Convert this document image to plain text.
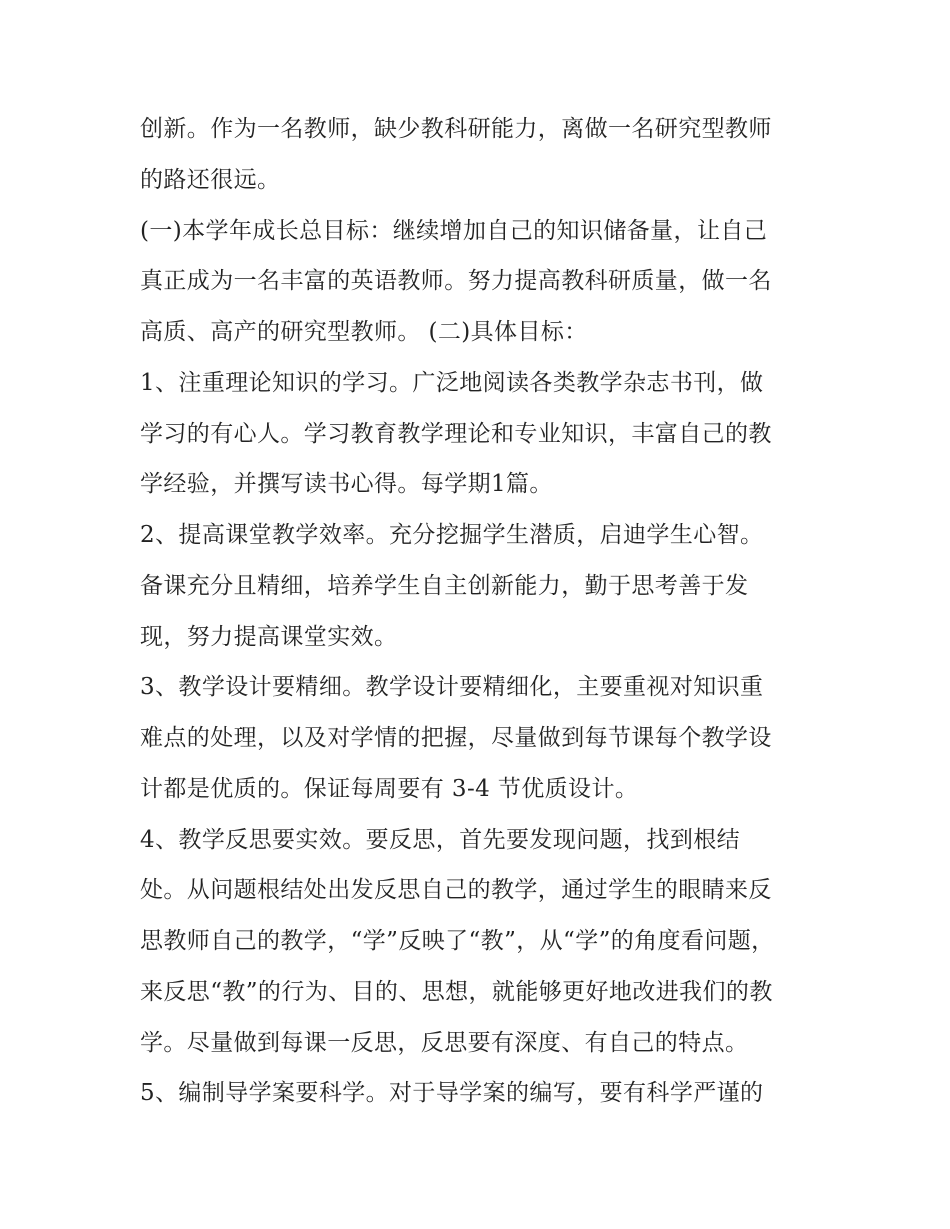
创新。作为一名教师，缺少教科研能力，离做一名研究型教师
的路还很远。
(一)本学年成长总目标：继续增加自己的知识储备量，让自己
真正成为一名丰富的英语教师。努力提高教科研质量，做一名
高质、高产的研究型教师。 (二)具体目标：
1、注重理论知识的学习。广泛地阅读各类教学杂志书刊，做
学习的有心人。学习教育教学理论和专业知识，丰富自己的教
学经验，并撰写读书心得。每学期1篇。
2、提高课堂教学效率。充分挖掘学生潜质，启迪学生心智。
备课充分且精细，培养学生自主创新能力，勤于思考善于发
现，努力提高课堂实效。
3、教学设计要精细。教学设计要精细化，主要重视对知识重
难点的处理，以及对学情的把握，尽量做到每节课每个教学设
计都是优质的。保证每周要有 3-4 节优质设计。
4、教学反思要实效。要反思，首先要发现问题，找到根结
处。从问题根结处出发反思自己的教学，通过学生的眼睛来反
思教师自己的教学，“学”反映了“教”，从“学”的角度看问题，
来反思“教”的行为、目的、思想，就能够更好地改进我们的教
学。尽量做到每课一反思，反思要有深度、有自己的特点。
5、编制导学案要科学。对于导学案的编写，要有科学严谨的
